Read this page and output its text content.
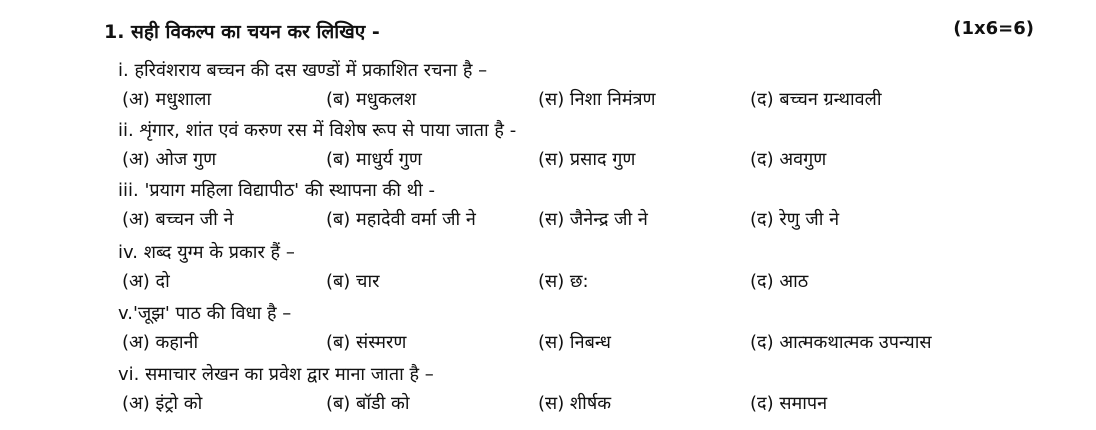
1. सही विकल्प का चयन कर लिखिए -	(1x6=6)
i. हरिवंशराय बच्चन की दस खण्डों में प्रकाशित रचना है –
(अ) मधुशाला	(ब) मधुकलश	(स) निशा निमंत्रण	(द) बच्चन ग्रन्थावली
ii. शृंगार, शांत एवं करुण रस में विशेष रूप से पाया जाता है -
(अ) ओज गुण	(ब) माधुर्य गुण	(स) प्रसाद गुण	(द) अवगुण
iii. 'प्रयाग महिला विद्यापीठ' की स्थापना की थी -
(अ) बच्चन जी ने	(ब) महादेवी वर्मा जी ने	(स) जैनेन्द्र जी ने	(द) रेणु जी ने
iv. शब्द युग्म के प्रकार हैं –
(अ) दो	(ब) चार	(स) छ:	(द) आठ
v.'जूझ' पाठ की विधा है –
(अ) कहानी	(ब) संस्मरण	(स) निबन्ध	(द) आत्मकथात्मक उपन्यास
vi. समाचार लेखन का प्रवेश द्वार माना जाता है –
(अ) इंट्रो को	(ब) बॉडी को	(स) शीर्षक	(द) समापन
